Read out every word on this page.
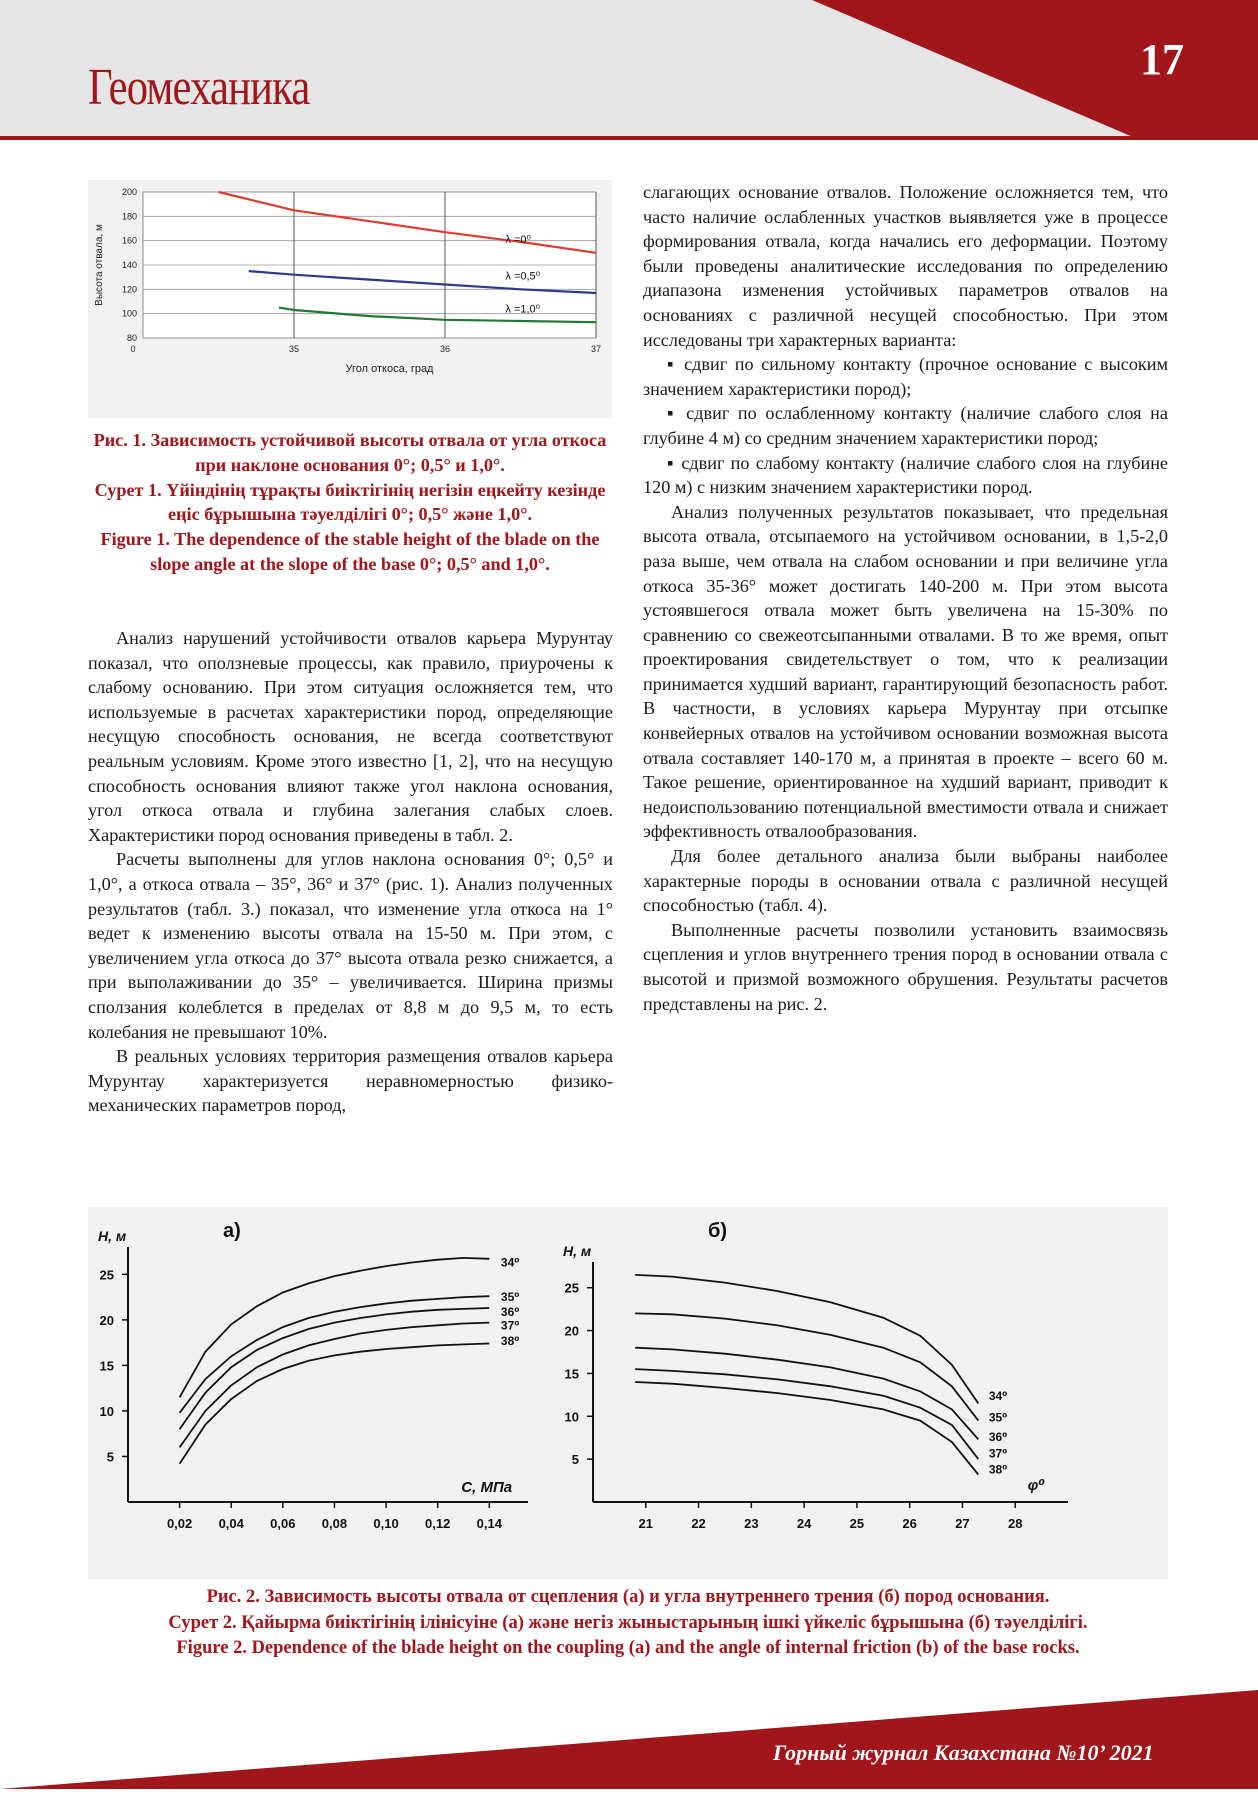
Геомеханика	17
80
100
120
140
160
180
200
0	35	36	37
Угол откоса, град
Высота отвала, м	λ =0⁰
λ =0,5⁰
λ =1,0⁰
Рис. 1. Зависимость устойчивой высоты отвала от угла откоса при наклоне основания 0°; 0,5° и 1,0°.
Сурет 1. Үйіндінің тұрақты биіктігінің негізін еңкейту кезінде еңіс бұрышына тәуелділігі 0°; 0,5° және 1,0°.
Figure 1. The dependence of the stable height of the blade on the slope angle at the slope of the base 0°; 0,5° and 1,0°.

Анализ нарушений устойчивости отвалов карьера Мурунтау показал, что оползневые процессы, как правило, приурочены к слабому основанию. При этом ситуация осложняется тем, что используемые в расчетах характеристики пород, определяющие несущую способность основания, не всегда соответствуют реальным условиям. Кроме этого известно [1, 2], что на несущую способность основания влияют также угол наклона основания, угол откоса отвала и глубина залегания слабых слоев. Характеристики пород основания приведены в табл. 2.

Расчеты выполнены для углов наклона основания 0°; 0,5° и 1,0°, а откоса отвала – 35°, 36° и 37° (рис. 1). Анализ полученных результатов (табл. 3.) показал, что изменение угла откоса на 1° ведет к изменению высоты отвала на 15-50 м. При этом, с увеличением угла откоса до 37° высота отвала резко снижается, а при выполаживании до 35° – увеличивается. Ширина призмы сползания колеблется в пределах от 8,8 м до 9,5 м, то есть колебания не превышают 10%.

В реальных условиях территория размещения отвалов карьера Мурунтау характеризуется неравномерностью физико-механических параметров пород,

слагающих основание отвалов. Положение осложняется тем, что часто наличие ослабленных участков выявляется уже в процессе формирования отвала, когда начались его деформации. Поэтому были проведены аналитические исследования по определению диапазона изменения устойчивых параметров отвалов на основаниях с различной несущей способностью. При этом исследованы три характерных варианта:

▪ сдвиг по сильному контакту (прочное основание с высоким значением характеристики пород);
▪ сдвиг по ослабленному контакту (наличие слабого слоя на глубине 4 м) со средним значением характеристики пород;
▪ сдвиг по слабому контакту (наличие слабого слоя на глубине 120 м) с низким значением характеристики пород.

Анализ полученных результатов показывает, что предельная высота отвала, отсыпаемого на устойчивом основании, в 1,5-2,0 раза выше, чем отвала на слабом основании и при величине угла откоса 35-36° может достигать 140-200 м. При этом высота устоявшегося отвала может быть увеличена на 15-30% по сравнению со свежеотсыпанными отвалами. В то же время, опыт проектирования свидетельствует о том, что к реализации принимается худший вариант, гарантирующий безопасность работ. В частности, в условиях карьера Мурунтау при отсыпке конвейерных отвалов на устойчивом основании возможная высота отвала составляет 140-170 м, а принятая в проекте – всего 60 м. Такое решение, ориентированное на худший вариант, приводит к недоиспользованию потенциальной вместимости отвала и снижает эффективность отвалообразования.

Для более детального анализа были выбраны наиболее характерные породы в основании отвала с различной несущей способностью (табл. 4).

Выполненные расчеты позволили установить взаимосвязь сцепления и углов внутреннего трения пород в основании отвала с высотой и призмой возможного обрушения. Результаты расчетов представлены на рис. 2.

H, м	а)
5
10
15
20
25
0,02 0,04 0,06 0,08 0,10 0,12 0,14
C, МПа
34⁰
35⁰
36⁰
37⁰
38⁰
H, м
б)
5
10
15
20
25
21	22	23	24	25	26	27	28
φ⁰
34⁰
35⁰
36⁰
37⁰
38⁰
Рис. 2. Зависимость высоты отвала от сцепления (а) и угла внутреннего трения (б) пород основания.
Сурет 2. Қайырма биіктігінің ілінісуіне (а) және негіз жыныстарының ішкі үйкеліс бұрышына (б) тәуелділігі.
Figure 2. Dependence of the blade height on the coupling (a) and the angle of internal friction (b) of the base rocks.
Горный журнал Казахстана №10’ 2021
